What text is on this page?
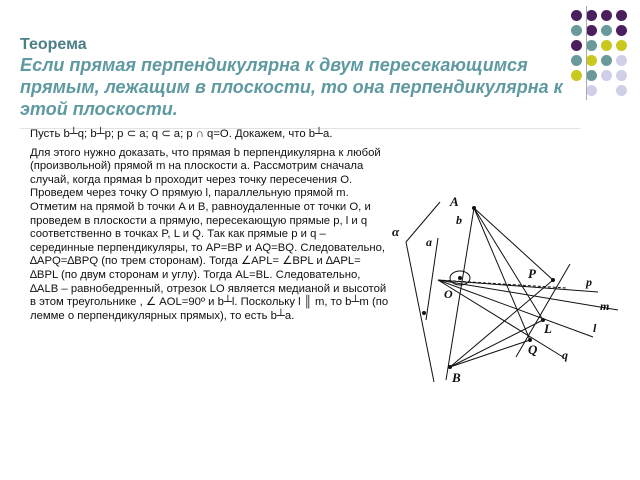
Теорема
Если прямая перпендикулярна к двум пересекающимся прямым, лежащим в плоскости, то она перпендикулярна к этой плоскости.

Пусть b┴q; b┴p; p ⊂ a; q ⊂ a; p ∩ q=O. Докажем, что b┴a.

Для этого нужно доказать, что прямая b перпендикулярна к любой (произвольной) прямой m на плоскости a. Рассмотрим сначала случай, когда прямая b проходит через точку пересечения O. Проведем через точку O прямую l, параллельную прямой m. Отметим на прямой b точки A и B, равноудаленные от точки O, и проведем в плоскости a прямую, пересекающую прямые p, l и q соответственно в точках P, L и Q. Так как прямые p и q – серединные перпендикуляры, то AP=BP и AQ=BQ. Следовательно, ∆APQ=∆BPQ (по трем сторонам). Тогда ∠APL= ∠BPL и ∆APL= ∆BPL (по двум сторонам и углу). Тогда AL=BL. Следовательно, ∆ALB – равнобедренный, отрезок LO является медианой и высотой в этом треугольнике , ∠ AOL=90º и b┴l. Поскольку l ║ m, то b┴m (по лемме о перпендикулярных прямых), то есть b┴a.

A
b
α
a
P
p
O
m
L	l
Q q
B
